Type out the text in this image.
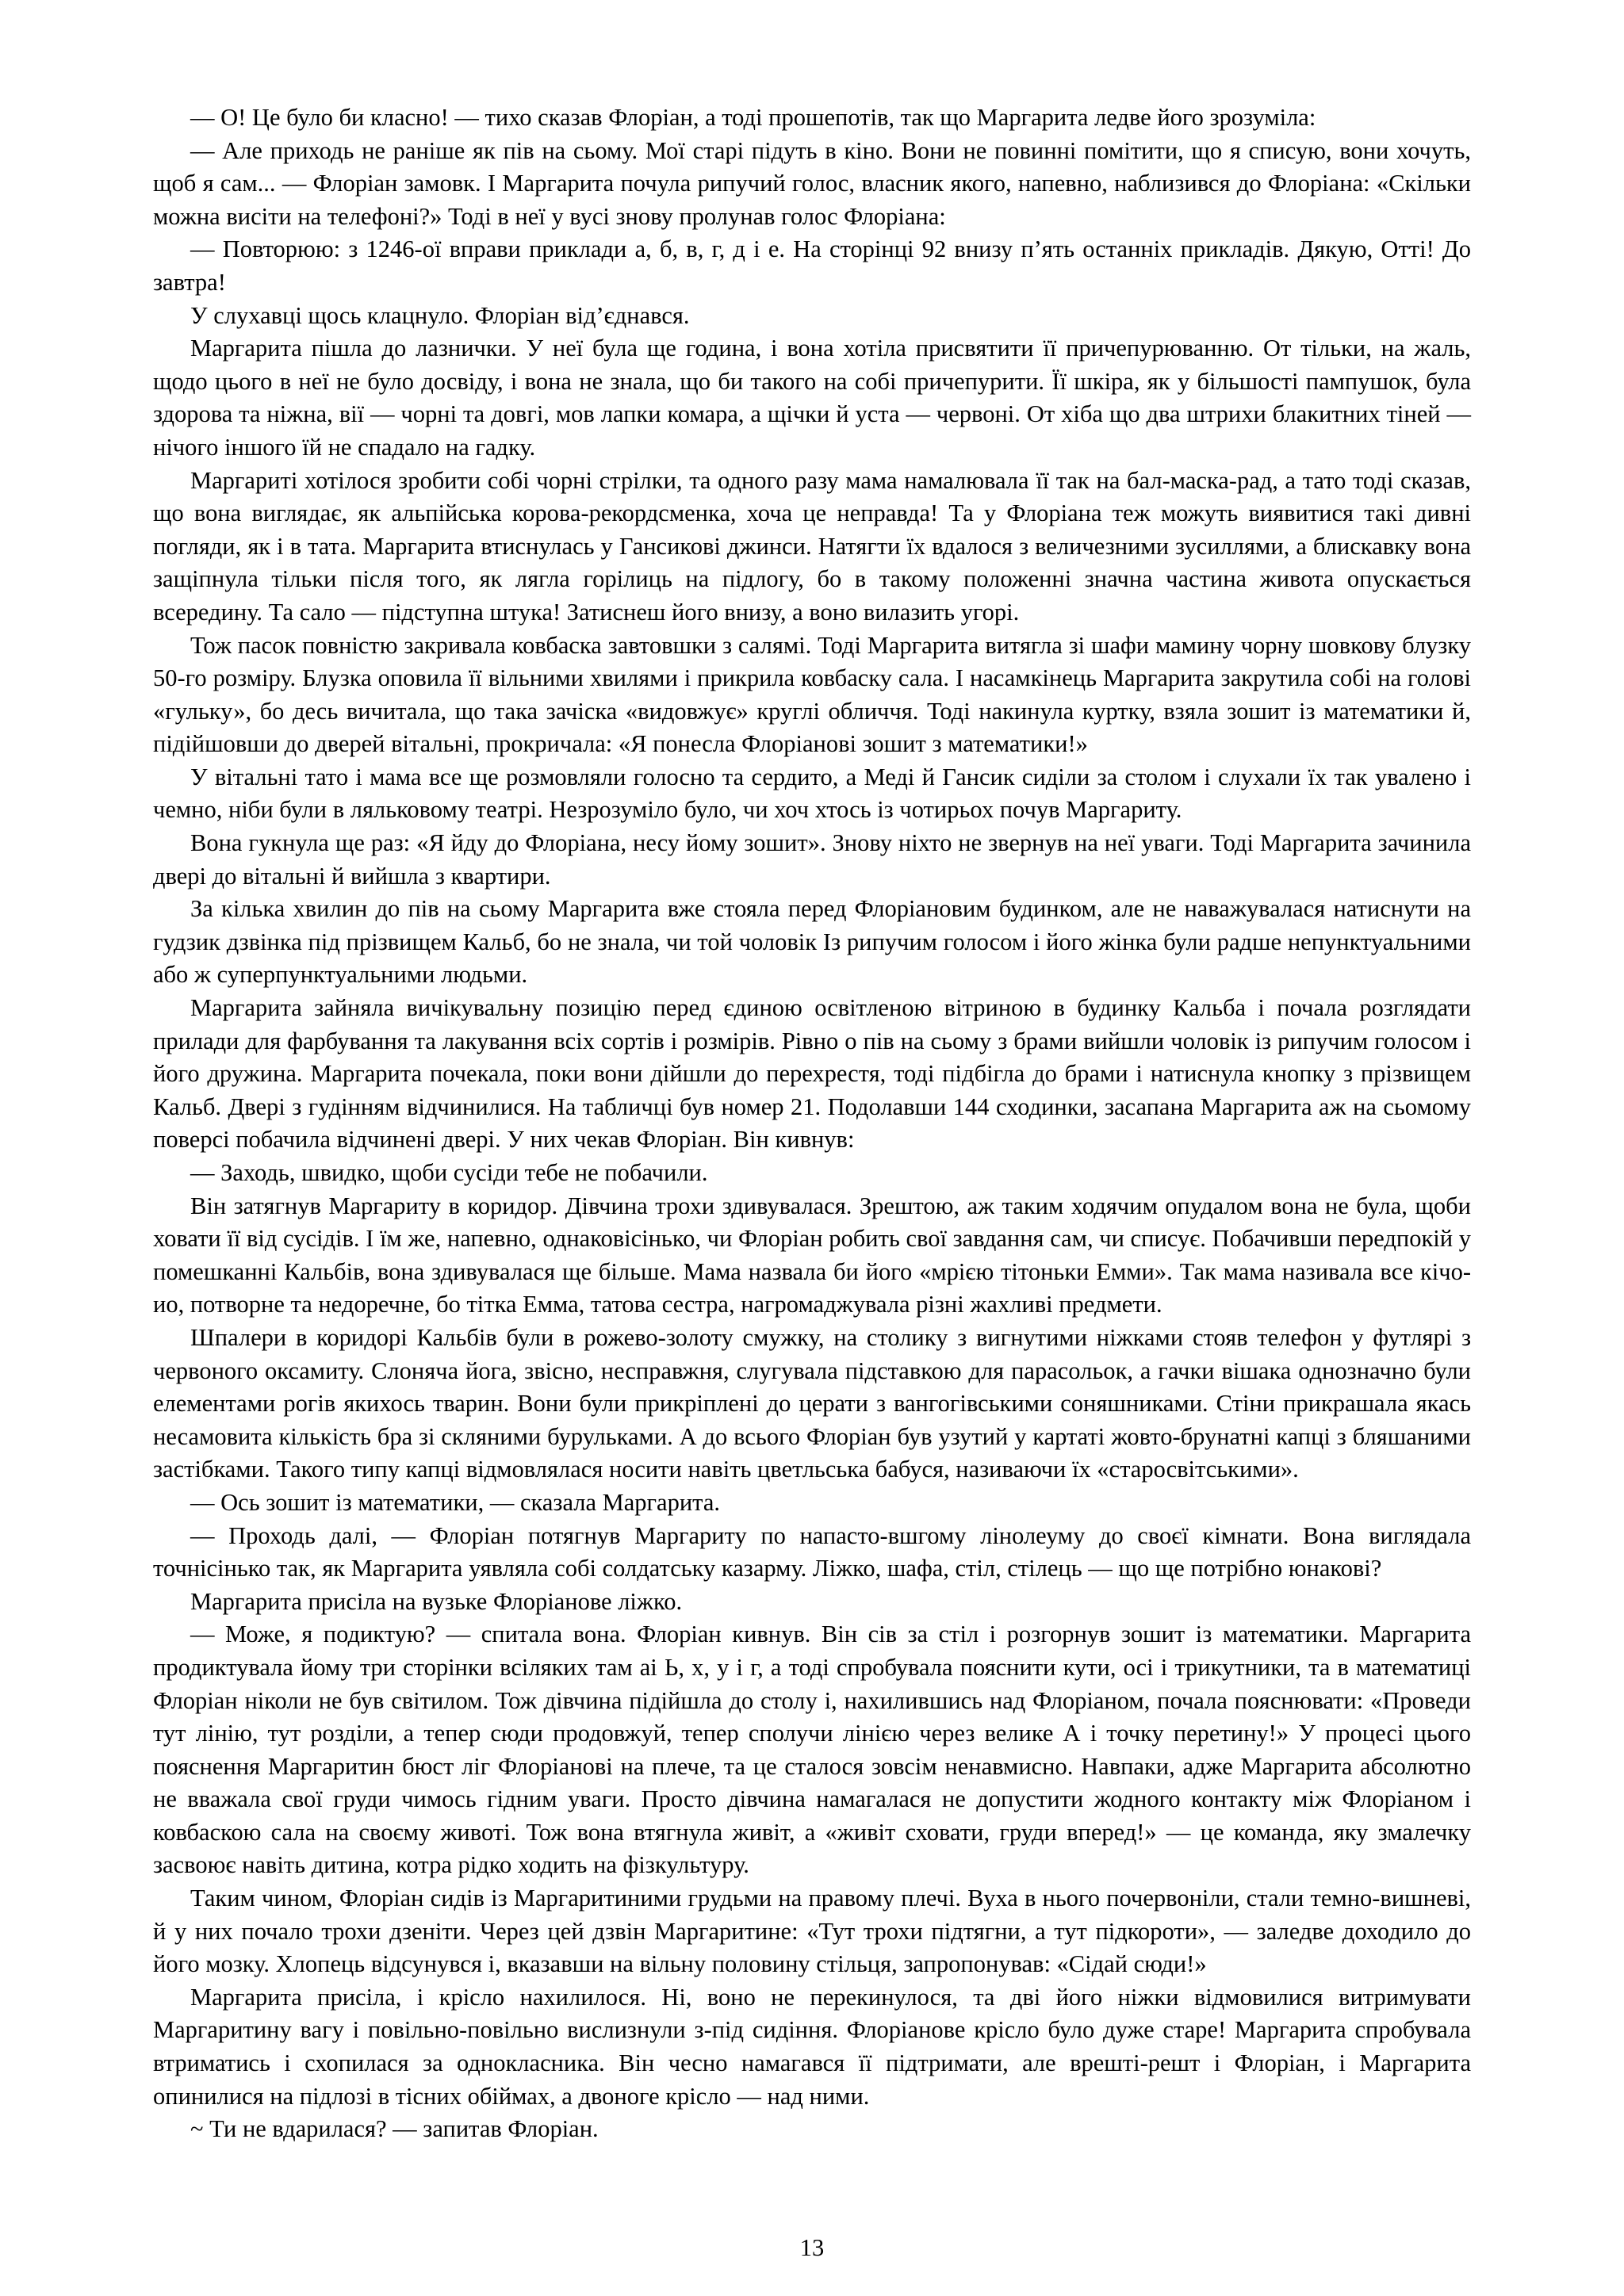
— О! Це було би класно! — тихо сказав Флоріан, а тоді прошепотів, так що Маргарита ледве його зрозуміла:

— Але приходь не раніше як пів на сьому. Мої старі підуть в кіно. Вони не повинні помітити, що я списую, вони хочуть, щоб я сам... — Флоріан замовк. І Маргарита почула рипучий голос, власник якого, напевно, наблизився до Флоріана: «Скільки можна висіти на телефоні?» Тоді в неї у вусі знову пролунав голос Флоріана:

— Повторюю: з 1246-ої вправи приклади а, б, в, г, д і е. На сторінці 92 внизу п’ять останніх прикладів. Дякую, Отті! До завтра!

У слухавці щось клацнуло. Флоріан від’єднався.

Маргарита пішла до лазнички. У неї була ще година, і вона хотіла присвятити її причепурюванню. От тільки, на жаль, щодо цього в неї не було досвіду, і вона не знала, що би такого на собі причепурити. Її шкіра, як у більшості пампушок, була здорова та ніжна, вії — чорні та довгі, мов лапки комара, а щічки й уста — червоні. От хіба що два штрихи блакитних тіней — нічого іншого їй не спадало на гадку.

Маргариті хотілося зробити собі чорні стрілки, та одного разу мама намалювала її так на бал-маска-рад, а тато тоді сказав, що вона виглядає, як альпійська корова-рекордсменка, хоча це неправда! Та у Флоріана теж можуть виявитися такі дивні погляди, як і в тата. Маргарита втиснулась у Гансикові джинси. Натягти їх вдалося з величезними зусиллями, а блискавку вона защіпнула тільки після того, як лягла горілиць на підлогу, бо в такому положенні значна частина живота опускається всередину. Та сало — підступна штука! Затиснеш його внизу, а воно вилазить угорі.

Тож пасок повністю закривала ковбаска завтовшки з салямі. Тоді Маргарита витягла зі шафи мамину чорну шовкову блузку 50-го розміру. Блузка оповила її вільними хвилями і прикрила ковбаску сала. І насамкінець Маргарита закрутила собі на голові «гульку», бо десь вичитала, що така зачіска «видовжує» круглі обличчя. Тоді накинула куртку, взяла зошит із математики й, підійшовши до дверей вітальні, прокричала: «Я понесла Флоріанові зошит з математики!»

У вітальні тато і мама все ще розмовляли голосно та сердито, а Меді й Гансик сиділи за столом і слухали їх так увалено і чемно, ніби були в ляльковому театрі. Незрозуміло було, чи хоч хтось із чотирьох почув Маргариту.

Вона гукнула ще раз: «Я йду до Флоріана, несу йому зошит». Знову ніхто не звернув на неї уваги. Тоді Маргарита зачинила двері до вітальні й вийшла з квартири.

За кілька хвилин до пів на сьому Маргарита вже стояла перед Флоріановим будинком, але не наважувалася натиснути на гудзик дзвінка під прізвищем Кальб, бо не знала, чи той чоловік Із рипучим голосом і його жінка були радше непунктуальними або ж суперпунктуальними людьми.

Маргарита зайняла вичікувальну позицію перед єдиною освітленою вітриною в будинку Кальба і почала розглядати прилади для фарбування та лакування всіх сортів і розмірів. Рівно о пів на сьому з брами вийшли чоловік із рипучим голосом і його дружина. Маргарита почекала, поки вони дійшли до перехрестя, тоді підбігла до брами і натиснула кнопку з прізвищем Кальб. Двері з гудінням відчинилися. На табличці був номер 21. Подолавши 144 сходинки, засапана Маргарита аж на сьомому поверсі побачила відчинені двері. У них чекав Флоріан. Він кивнув:

— Заходь, швидко, щоби сусіди тебе не побачили.

Він затягнув Маргариту в коридор. Дівчина трохи здивувалася. Зрештою, аж таким ходячим опудалом вона не була, щоби ховати її від сусідів. І їм же, напевно, однаковісінько, чи Флоріан робить свої завдання сам, чи списує. Побачивши передпокій у помешканні Кальбів, вона здивувалася ще більше. Мама назвала би його «мрією тітоньки Емми». Так мама називала все кічо-ио, потворне та недоречне, бо тітка Емма, татова сестра, нагромаджувала різні жахливі предмети.

Шпалери в коридорі Кальбів були в рожево-золоту смужку, на столику з вигнутими ніжками стояв телефон у футлярі з червоного оксамиту. Слоняча йога, звісно, несправжня, слугувала підставкою для парасольок, а гачки вішака однозначно були елементами рогів якихось тварин. Вони були прикріплені до церати з вангогівськими соняшниками. Стіни прикрашала якась несамовита кількість бра зі скляними бурульками. А до всього Флоріан був узутий у картаті жовто-брунатні капці з бляшаними застібками. Такого типу капці відмовлялася носити навіть цветльська бабуся, називаючи їх «старосвітськими».

— Ось зошит із математики, — сказала Маргарита.

— Проходь далі, — Флоріан потягнув Маргариту по напасто-вшгому лінолеуму до своєї кімнати. Вона виглядала точнісінько так, як Маргарита уявляла собі солдатську казарму. Ліжко, шафа, стіл, стілець — що ще потрібно юнакові?

Маргарита присіла на вузьке Флоріанове ліжко.

— Може, я подиктую? — спитала вона. Флоріан кивнув. Він сів за стіл і розгорнув зошит із математики. Маргарита продиктувала йому три сторінки всіляких там аі Ь, х, у і г, а тоді спробувала пояснити кути, осі і трикутники, та в математиці Флоріан ніколи не був світилом. Тож дівчина підійшла до столу і, нахилившись над Флоріаном, почала пояснювати: «Проведи тут лінію, тут розділи, а тепер сюди продовжуй, тепер сполучи лінією через велике А і точку перетину!» У процесі цього пояснення Маргаритин бюст ліг Флоріанові на плече, та це сталося зовсім ненавмисно. Навпаки, адже Маргарита абсолютно не вважала свої груди чимось гідним уваги. Просто дівчина намагалася не допустити жодного контакту між Флоріаном і ковбаскою сала на своєму животі. Тож вона втягнула живіт, а «живіт сховати, груди вперед!» — це команда, яку змалечку засвоює навіть дитина, котра рідко ходить на фізкультуру.

Таким чином, Флоріан сидів із Маргаритиними грудьми на правому плечі. Вуха в нього почервоніли, стали темно-вишневі, й у них почало трохи дзеніти. Через цей дзвін Маргаритине: «Тут трохи підтягни, а тут підкороти», — заледве доходило до його мозку. Хлопець відсунувся і, вказавши на вільну половину стільця, запропонував: «Сідай сюди!»

Маргарита присіла, і крісло нахилилося. Ні, воно не перекинулося, та дві його ніжки відмовилися витримувати Маргаритину вагу і повільно-повільно вислизнули з-під сидіння. Флоріанове крісло було дуже старе! Маргарита спробувала втриматись і схопилася за однокласника. Він чесно намагався її підтримати, але врешті-решт і Флоріан, і Маргарита опинилися на підлозі в тісних обіймах, а двоноге крісло — над ними.

~ Ти не вдарилася? — запитав Флоріан.

13
